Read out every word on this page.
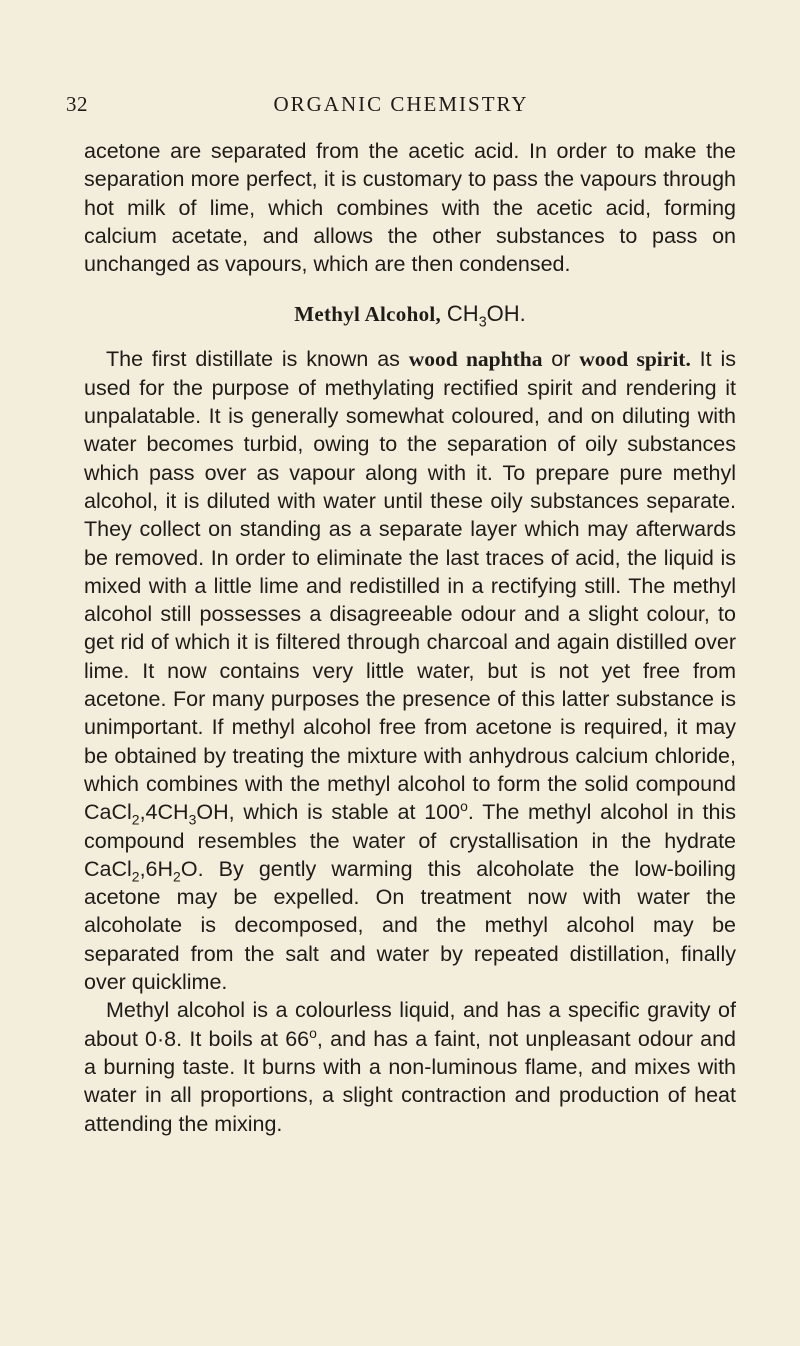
32	ORGANIC CHEMISTRY

acetone are separated from the acetic acid. In order to make the separation more perfect, it is customary to pass the vapours through hot milk of lime, which combines with the acetic acid, forming calcium acetate, and allows the other substances to pass on unchanged as vapours, which are then condensed.

Methyl Alcohol, $CH_3OH$.

The first distillate is known as wood naphtha or wood spirit. It is used for the purpose of methylating rectified spirit and rendering it unpalatable. It is generally somewhat coloured, and on diluting with water becomes turbid, owing to the separation of oily substances which pass over as vapour along with it. To prepare pure methyl alcohol, it is diluted with water until these oily substances separate. They collect on standing as a separate layer which may afterwards be removed. In order to eliminate the last traces of acid, the liquid is mixed with a little lime and redistilled in a rectifying still. The methyl alcohol still possesses a disagreeable odour and a slight colour, to get rid of which it is filtered through charcoal and again distilled over lime. It now contains very little water, but is not yet free from acetone. For many purposes the presence of this latter substance is unimportant. If methyl alcohol free from acetone is required, it may be obtained by treating the mixture with anhydrous calcium chloride, which combines with the methyl alcohol to form the solid compound $CaCl_2,4CH_3OH$, which is stable at 100$^o$. The methyl alcohol in this compound resembles the water of crystallisation in the hydrate $CaCl_2,6H_2O$. By gently warming this alcoholate the low-boiling acetone may be expelled. On treatment now with water the alcoholate is decomposed, and the methyl alcohol may be separated from the salt and water by repeated distillation, finally over quicklime.

Methyl alcohol is a colourless liquid, and has a specific gravity of about 0·8. It boils at 66$^o$, and has a faint, not unpleasant odour and a burning taste. It burns with a non-luminous flame, and mixes with water in all proportions, a slight contraction and production of heat attending the mixing.
